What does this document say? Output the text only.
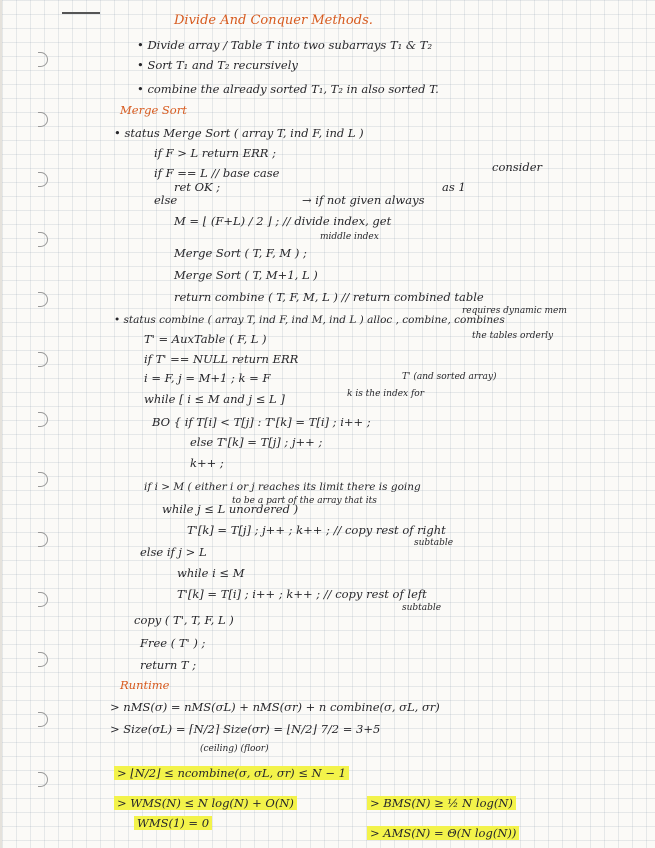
Divide And Conquer Methods.
• Divide array / Table T into two subarrays T₁ & T₂
• Sort T₁ and T₂ recursively
• combine the already sorted T₁, T₂ in also sorted T.
Merge Sort
• status Merge Sort ( array T, ind F, ind L )
if F > L return ERR ;
if F == L // base case
ret OK ;
else	→ if not given always
consider
as 1
M = ⌊ (F+L) / 2 ⌋ ; // divide index, get
middle index
Merge Sort ( T, F, M ) ;
Merge Sort ( T, M+1, L )
return combine ( T, F, M, L ) // return combined table
requires dynamic mem
• status combine ( array T, ind F, ind M, ind L ) alloc , combine, combines
the tables orderly
T' = AuxTable ( F, L )
if T' == NULL return ERR
i = F, j = M+1 ; k = F
while [ i ≤ M and j ≤ L ]	k is the index for
T' (and sorted array)
BO { if T[i] < T[j] : T'[k] = T[i] ; i++ ;
else T'[k] = T[j] ; j++ ;
k++ ;
if i > M ( either i or j reaches its limit there is going
to be a part of the array that its
while j ≤ L unordered )
T'[k] = T[j] ; j++ ; k++ ; // copy rest of right
subtable
else if j > L
while i ≤ M
T'[k] = T[i] ; i++ ; k++ ; // copy rest of left
subtable
copy ( T', T, F, L )
Free ( T' ) ;
return T ;
Runtime
> nMS(σ) = nMS(σL) + nMS(σr) + n combine(σ, σL, σr)
> Size(σL) = ⌈N/2⌉ Size(σr) = ⌊N/2⌋ 7/2 = 3+5
(ceiling) (floor)
> ⌊N/2⌋ ≤ ncombine(σ, σL, σr) ≤ N − 1
> WMS(N) ≤ N log(N) + O(N)	> BMS(N) ≥ ½ N log(N)
WMS(1) = 0
> AMS(N) = Θ(N log(N))
